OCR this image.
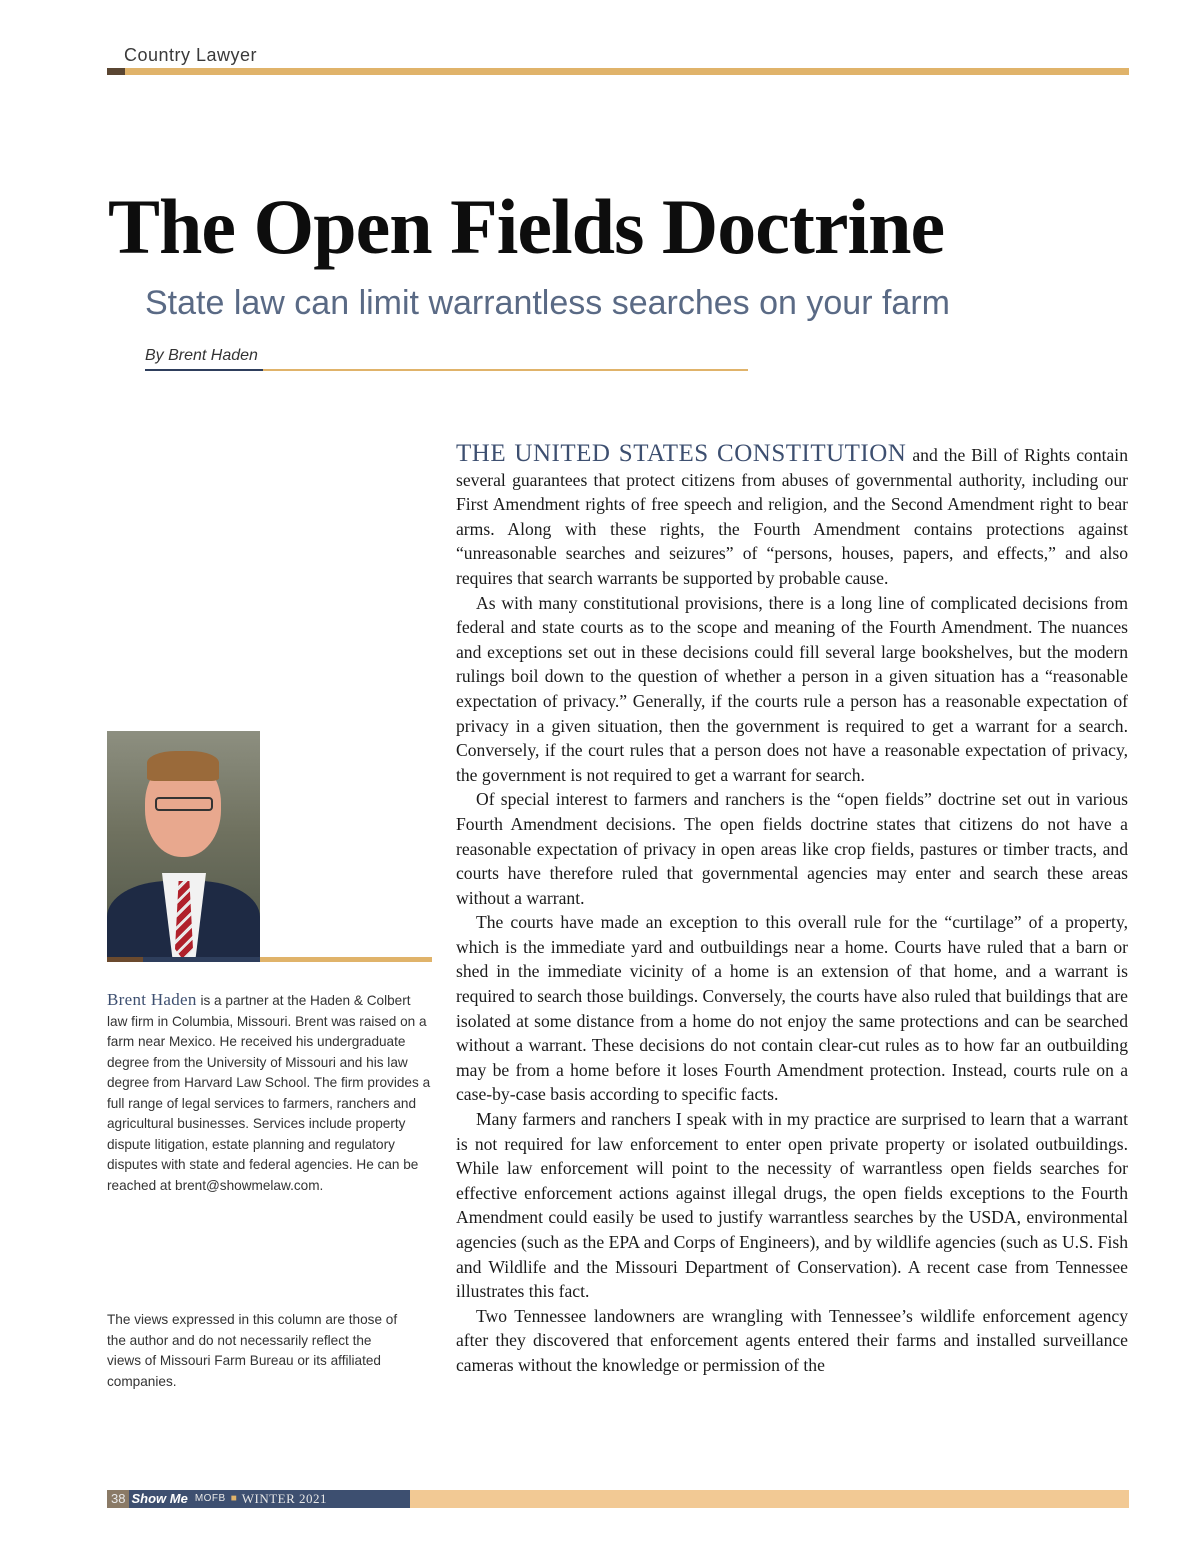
Country Lawyer
The Open Fields Doctrine
State law can limit warrantless searches on your farm
By Brent Haden

Brent Haden is a partner at the Haden & Colbert law firm in Columbia, Missouri. Brent was raised on a farm near Mexico. He received his undergraduate degree from the University of Missouri and his law degree from Harvard Law School. The firm provides a full range of legal services to farmers, ranchers and agricultural businesses. Services include property dispute litigation, estate planning and regulatory disputes with state and federal agencies. He can be reached at brent@showmelaw.com.

The views expressed in this column are those of the author and do not necessarily reflect the views of Missouri Farm Bureau or its affiliated companies.

THE UNITED STATES CONSTITUTION and the Bill of Rights contain several guarantees that protect citizens from abuses of governmental authority, including our First Amendment rights of free speech and religion, and the Second Amendment right to bear arms. Along with these rights, the Fourth Amendment contains protections against “unreasonable searches and seizures” of “persons, houses, papers, and effects,” and also requires that search warrants be supported by probable cause.

As with many constitutional provisions, there is a long line of complicated decisions from federal and state courts as to the scope and meaning of the Fourth Amendment. The nuances and exceptions set out in these decisions could fill several large bookshelves, but the modern rulings boil down to the question of whether a person in a given situation has a “reasonable expectation of privacy.” Generally, if the courts rule a person has a reasonable expectation of privacy in a given situation, then the government is required to get a warrant for a search. Conversely, if the court rules that a person does not have a reasonable expectation of privacy, the government is not required to get a warrant for search.

Of special interest to farmers and ranchers is the “open fields” doctrine set out in various Fourth Amendment decisions. The open fields doctrine states that citizens do not have a reasonable expectation of privacy in open areas like crop fields, pastures or timber tracts, and courts have therefore ruled that governmental agencies may enter and search these areas without a warrant.

The courts have made an exception to this overall rule for the “curtilage” of a property, which is the immediate yard and outbuildings near a home. Courts have ruled that a barn or shed in the immediate vicinity of a home is an extension of that home, and a warrant is required to search those buildings. Conversely, the courts have also ruled that buildings that are isolated at some distance from a home do not enjoy the same protections and can be searched without a warrant. These decisions do not contain clear-cut rules as to how far an outbuilding may be from a home before it loses Fourth Amendment protection. Instead, courts rule on a case-by-case basis according to specific facts.

Many farmers and ranchers I speak with in my practice are surprised to learn that a warrant is not required for law enforcement to enter open private property or isolated outbuildings. While law enforcement will point to the necessity of warrantless open fields searches for effective enforcement actions against illegal drugs, the open fields exceptions to the Fourth Amendment could easily be used to justify warrantless searches by the USDA, environmental agencies (such as the EPA and Corps of Engineers), and by wildlife agencies (such as U.S. Fish and Wildlife and the Missouri Department of Conservation). A recent case from Tennessee illustrates this fact.

Two Tennessee landowners are wrangling with Tennessee’s wildlife enforcement agency after they discovered that enforcement agents entered their farms and installed surveillance cameras without the knowledge or permission of the

38 Show Me MOFB ■ WINTER 2021
